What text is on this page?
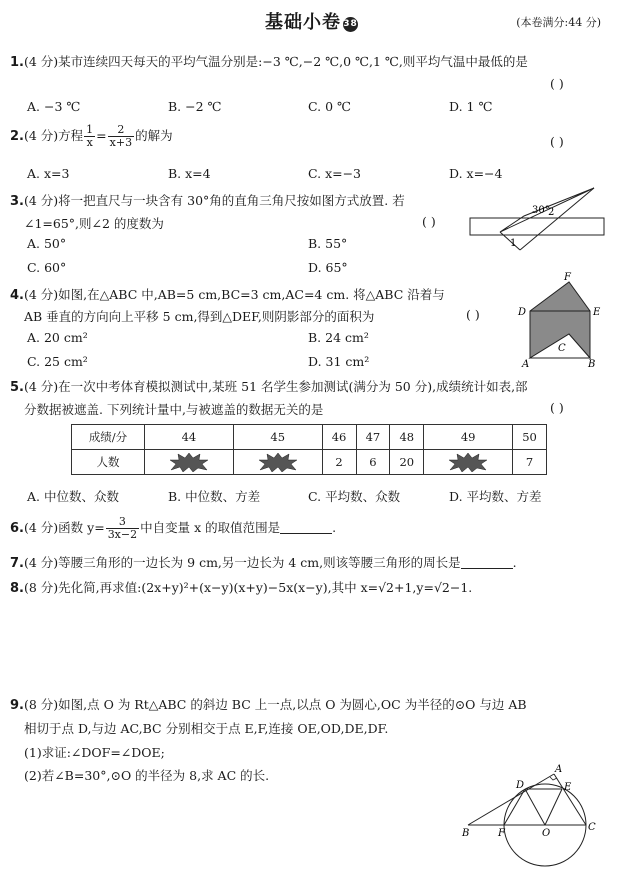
基础小卷 38	(本卷满分:44 分)
1.(4 分)某市连续四天每天的平均气温分别是:−3 ℃,−2 ℃,0 ℃,1 ℃,则平均气温中最低的是
( )
A. −3 ℃	B. −2 ℃	C. 0 ℃	D. 1 ℃
2.(4 分)方程 $\frac{1}{x} = \frac{2}{x+3}$ 的解为	( )
A. x=3	B. x=4	C. x=−3	D. x=−4
3.(4 分)将一把直尺与一块含有 30°角的直角三角尺按如图方式放置. 若
∠1=65°,则∠2 的度数为	( )
A. 50°	B. 55°
C. 60°	D. 65°
30°
2
1
4.(4 分)如图,在△ABC 中,AB=5 cm,BC=3 cm,AC=4 cm. 将△ABC 沿着与
AB 垂直的方向向上平移 5 cm,得到△DEF,则阴影部分的面积为	( )
A. 20 cm²	B. 24 cm²
C. 25 cm²	D. 31 cm²
F
D	E
C
A	B
5.(4 分)在一次中考体育模拟测试中,某班 51 名学生参加测试(满分为 50 分),成绩统计如表,部
分数据被遮盖. 下列统计量中,与被遮盖的数据无关的是	( )
成绩/分	44	45	46	47	48	49	50
人数			2	6	20		7
A. 中位数、众数	B. 中位数、方差	C. 平均数、众数	D. 平均数、方差
6.(4 分)函数 $y= \frac{3}{3x-2}$ 中自变量 x 的取值范围是	.
7.(4 分)等腰三角形的一边长为 9 cm,另一边长为 4 cm,则该等腰三角形的周长是	.
8.(8 分)先化简,再求值:(2x+y)²+(x−y)(x+y)−5x(x−y),其中 x=√2+1,y=√2−1.
9.(8 分)如图,点 O 为 Rt△ABC 的斜边 BC 上一点,以点 O 为圆心,OC 为半径的⊙O 与边 AB
相切于点 D,与边 AC,BC 分别相交于点 E,F,连接 OE,OD,DE,DF.
(1)求证:∠DOF=∠DOE;
(2)若∠B=30°,⊙O 的半径为 8,求 AC 的长.	A
D	E
B	F	O
C
